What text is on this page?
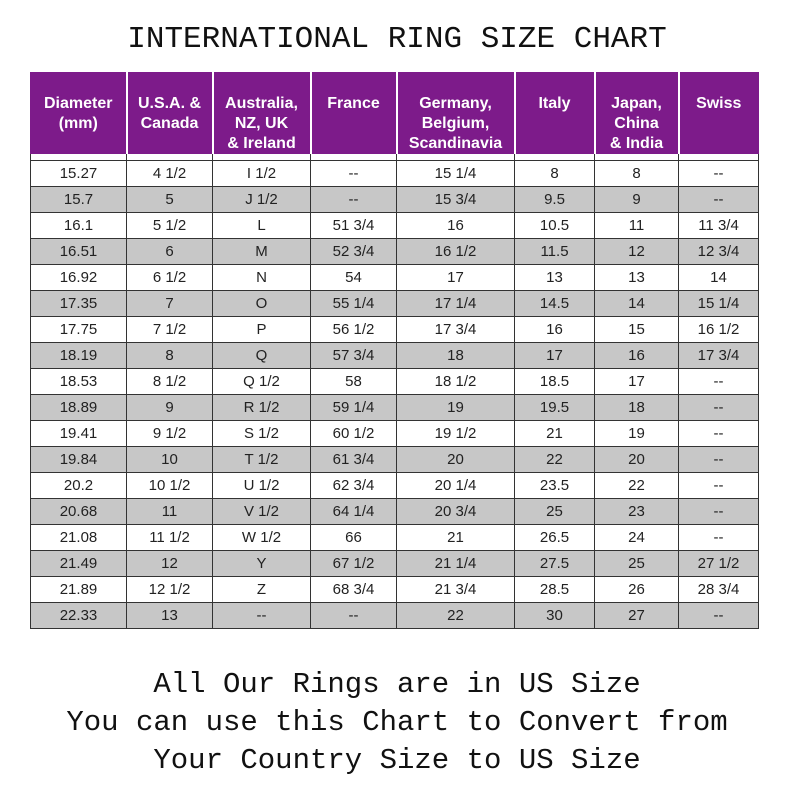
INTERNATIONAL RING SIZE CHART
Diameter
(mm)	U.S.A. &
Canada	Australia,
NZ, UK
& Ireland	France	Germany,
Belgium,
Scandinavia	Italy	Japan,
China
& India	Swiss

15.27	4 1/2	I 1/2	--	15 1/4	8	8	--
15.7	5	J 1/2	--	15 3/4	9.5	9	--
16.1	5 1/2	L	51 3/4	16	10.5	11	11 3/4
16.51	6	M	52 3/4	16 1/2	11.5	12	12 3/4
16.92	6 1/2	N	54	17	13	13	14
17.35	7	O	55 1/4	17 1/4	14.5	14	15 1/4
17.75	7 1/2	P	56 1/2	17 3/4	16	15	16 1/2
18.19	8	Q	57 3/4	18	17	16	17 3/4
18.53	8 1/2	Q 1/2	58	18 1/2	18.5	17	--
18.89	9	R 1/2	59 1/4	19	19.5	18	--
19.41	9 1/2	S 1/2	60 1/2	19 1/2	21	19	--
19.84	10	T 1/2	61 3/4	20	22	20	--
20.2	10 1/2	U 1/2	62 3/4	20 1/4	23.5	22	--
20.68	11	V 1/2	64 1/4	20 3/4	25	23	--
21.08	11 1/2	W 1/2	66	21	26.5	24	--
21.49	12	Y	67 1/2	21 1/4	27.5	25	27 1/2
21.89	12 1/2	Z	68 3/4	21 3/4	28.5	26	28 3/4
22.33	13	--	--	22	30	27	--
All Our Rings are in US Size
You can use this Chart to Convert from
Your Country Size to US Size
